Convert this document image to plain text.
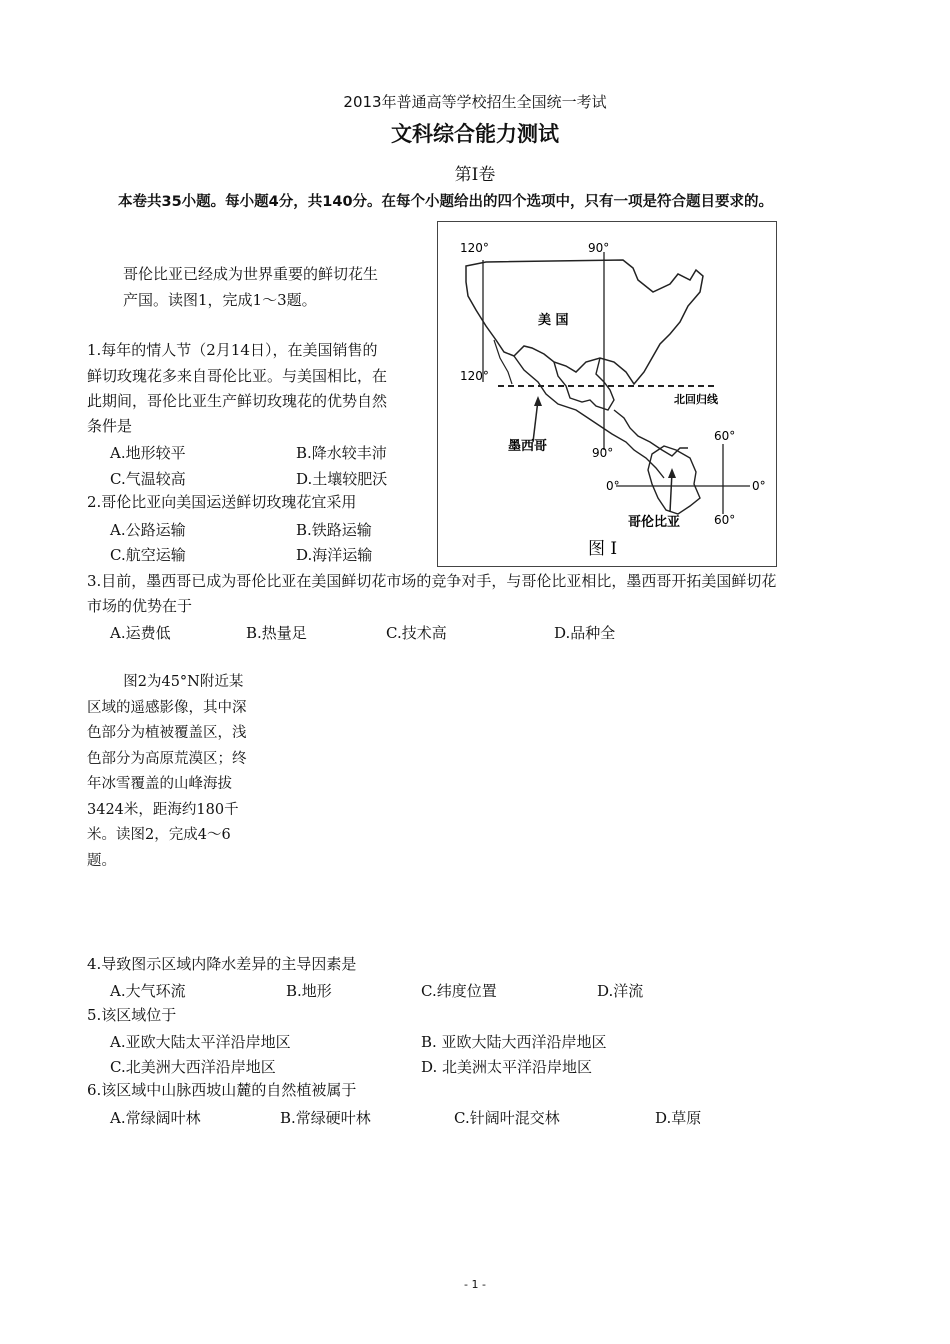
2013年普通高等学校招生全国统一考试
文科综合能力测试
第Ⅰ卷
本卷共35小题。每小题4分，共140分。在每个小题给出的四个选项中，只有一项是符合题目要求的。
哥伦比亚已经成为世界重要的鲜切花生
产国。读图1，完成1～3题。
1.每年的情人节（2月14日），在美国销售的
鲜切玫瑰花多来自哥伦比亚。与美国相比，在
此期间，哥伦比亚生产鲜切玫瑰花的优势自然
条件是
A.地形较平	B.降水较丰沛
C.气温较高	D.土壤较肥沃
2.哥伦比亚向美国运送鲜切玫瑰花宜采用
A.公路运输	B.铁路运输
C.航空运输	D.海洋运输
120°	90°
120°
90°
60°
60°
0°	0°
美 国
北回归线
墨西哥
哥伦比亚
图 I
3.目前，墨西哥已成为哥伦比亚在美国鲜切花市场的竞争对手，与哥伦比亚相比，墨西哥开拓美国鲜切花
市场的优势在于
A.运费低	B.热量足	C.技术高	D.品种全
图2为45°N附近某区域的遥感影像，其中深色部分为植被覆盖区，浅色部分为高原荒漠区；终年冰雪覆盖的山峰海拔3424米，距海约180千米。读图2，完成4～6题。
4.导致图示区域内降水差异的主导因素是
A.大气环流	B.地形	C.纬度位置	D.洋流
5.该区域位于
A.亚欧大陆太平洋沿岸地区	B. 亚欧大陆大西洋沿岸地区
C.北美洲大西洋沿岸地区	D. 北美洲太平洋沿岸地区
6.该区域中山脉西坡山麓的自然植被属于
A.常绿阔叶林	B.常绿硬叶林	C.针阔叶混交林	D.草原
- 1 -
